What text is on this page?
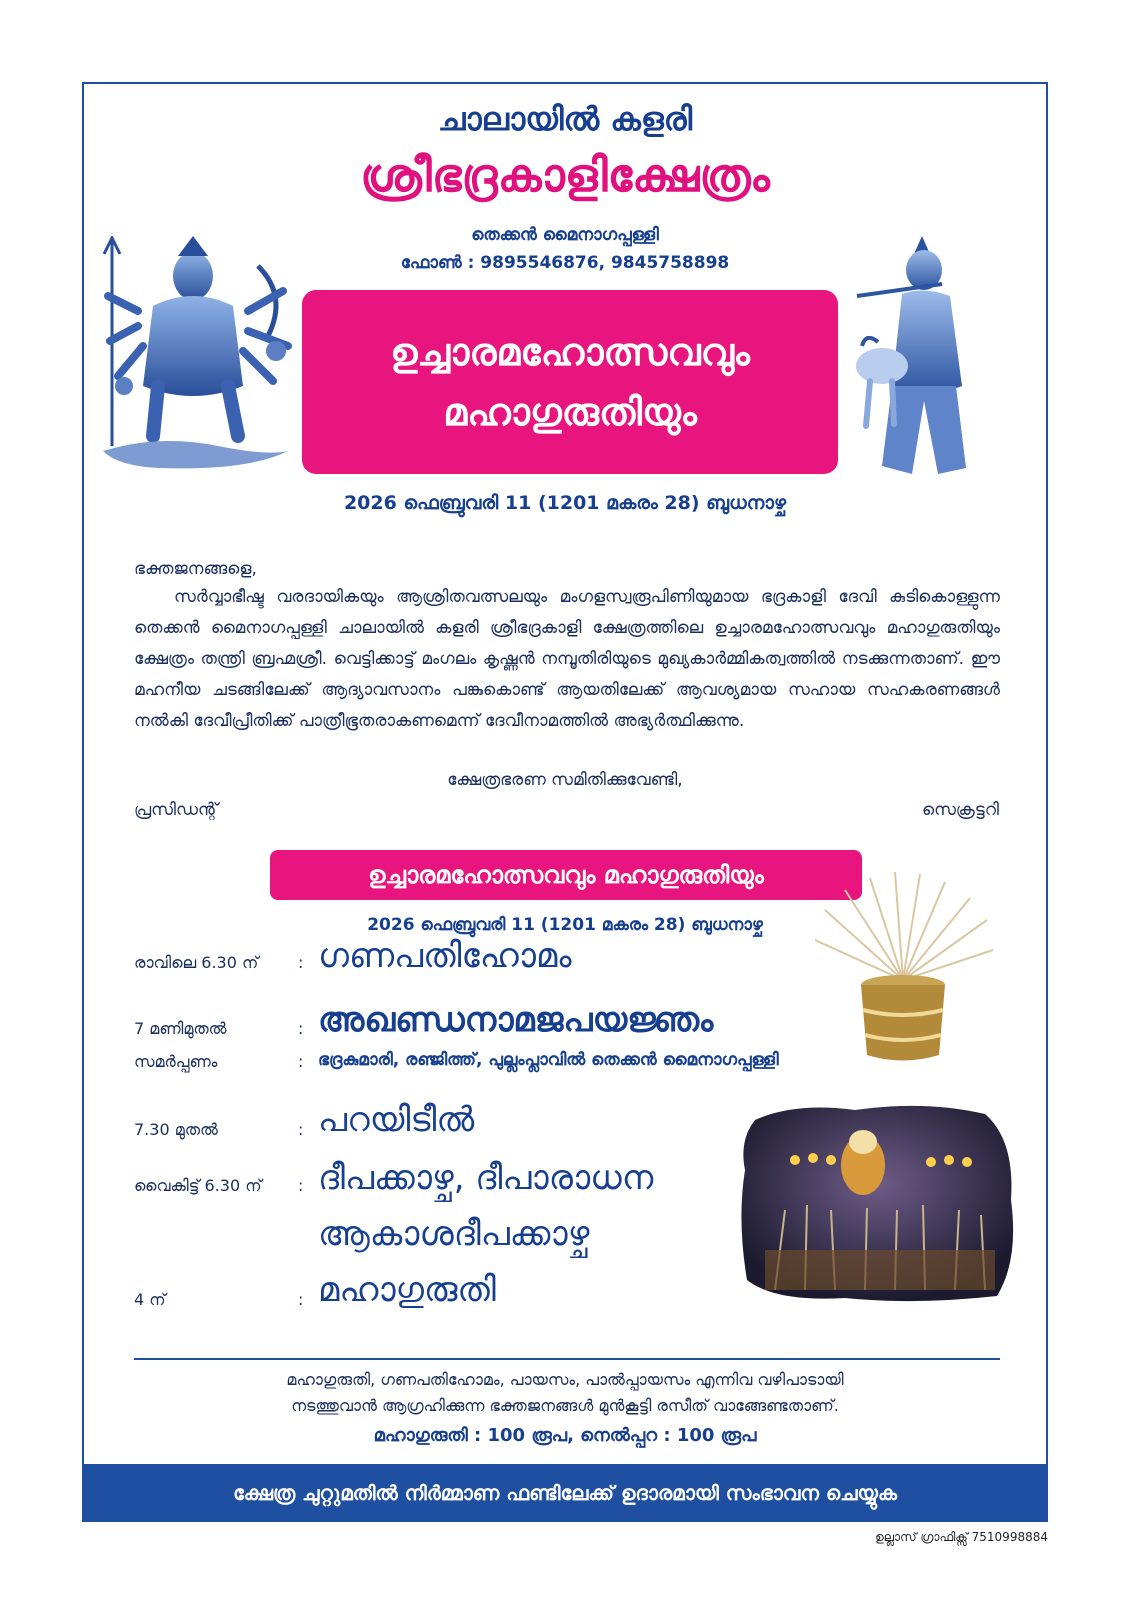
ചാലായിൽ കളരി
ശ്രീഭദ്രകാളിക്ഷേത്രം
തെക്കൻ മൈനാഗപ്പള്ളി
ഫോൺ : 9895546876, 9845758898
ഉച്ചാരമഹോത്സവവും
മഹാഗുരുതിയും
2026 ഫെബ്രുവരി 11 (1201 മകരം 28) ബുധനാഴ്ച
ഭക്തജനങ്ങളെ,
സർവ്വാഭീഷ്ട വരദായികയും ആശ്രിതവത്സലയും മംഗളസ്വരൂപിണിയുമായ ഭദ്രകാളി ദേവി കുടികൊള്ളുന്ന തെക്കൻ മൈനാഗപ്പള്ളി ചാലായിൽ കളരി ശ്രീഭദ്രകാളി ക്ഷേത്രത്തിലെ ഉച്ചാരമഹോത്സവവും മഹാഗുരുതിയും ക്ഷേത്രം തന്ത്രി ബ്രഹ്മശ്രീ. വെട്ടിക്കാട്ട് മംഗലം കൃഷ്ണൻ നമ്പൂതിരിയുടെ മുഖ്യകാർമ്മികത്വത്തിൽ നടക്കുന്നതാണ്. ഈ മഹനീയ ചടങ്ങിലേക്ക് ആദ്യാവസാനം പങ്കുകൊണ്ട് ആയതിലേക്ക് ആവശ്യമായ സഹായ സഹകരണങ്ങൾ നൽകി ദേവീപ്രീതിക്ക് പാത്രീഭൂതരാകണമെന്ന് ദേവീനാമത്തിൽ അഭ്യർത്ഥിക്കുന്നു.
ക്ഷേത്രഭരണ സമിതിക്കുവേണ്ടി,
പ്രസിഡന്റ്	സെക്രട്ടറി
ഉച്ചാരമഹോത്സവവും മഹാഗുരുതിയും
2026 ഫെബ്രുവരി 11 (1201 മകരം 28) ബുധനാഴ്ച
രാവിലെ 6.30 ന് : ഗണപതിഹോമം
7 മണിമുതൽ	: അഖണ്ഡനാമജപയജ്ഞം
സമർപ്പണം	: ഭദ്രകുമാരി, രഞ്ജിത്ത്, പുല്ലംപ്ലാവിൽ തെക്കൻ മൈനാഗപ്പള്ളി
7.30 മുതൽ	: പറയിടീൽ
വൈകിട്ട് 6.30 ന് : ദീപക്കാഴ്ച, ദീപാരാധന
ആകാശദീപക്കാഴ്ച
4 ന്	: മഹാഗുരുതി
മഹാഗുരുതി, ഗണപതിഹോമം, പായസം, പാൽപ്പായസം എന്നിവ വഴിപാടായി
നടത്തുവാൻ ആഗ്രഹിക്കുന്ന ഭക്തജനങ്ങൾ മുൻകൂട്ടി രസീത് വാങ്ങേണ്ടതാണ്.
മഹാഗുരുതി : 100 രൂപ, നെൽപ്പറ : 100 രൂപ
ക്ഷേത്ര ചുറ്റുമതിൽ നിർമ്മാണ ഫണ്ടിലേക്ക് ഉദാരമായി സംഭാവന ചെയ്യുക
ഉല്ലാസ് ഗ്രാഫിക്സ് 7510998884
